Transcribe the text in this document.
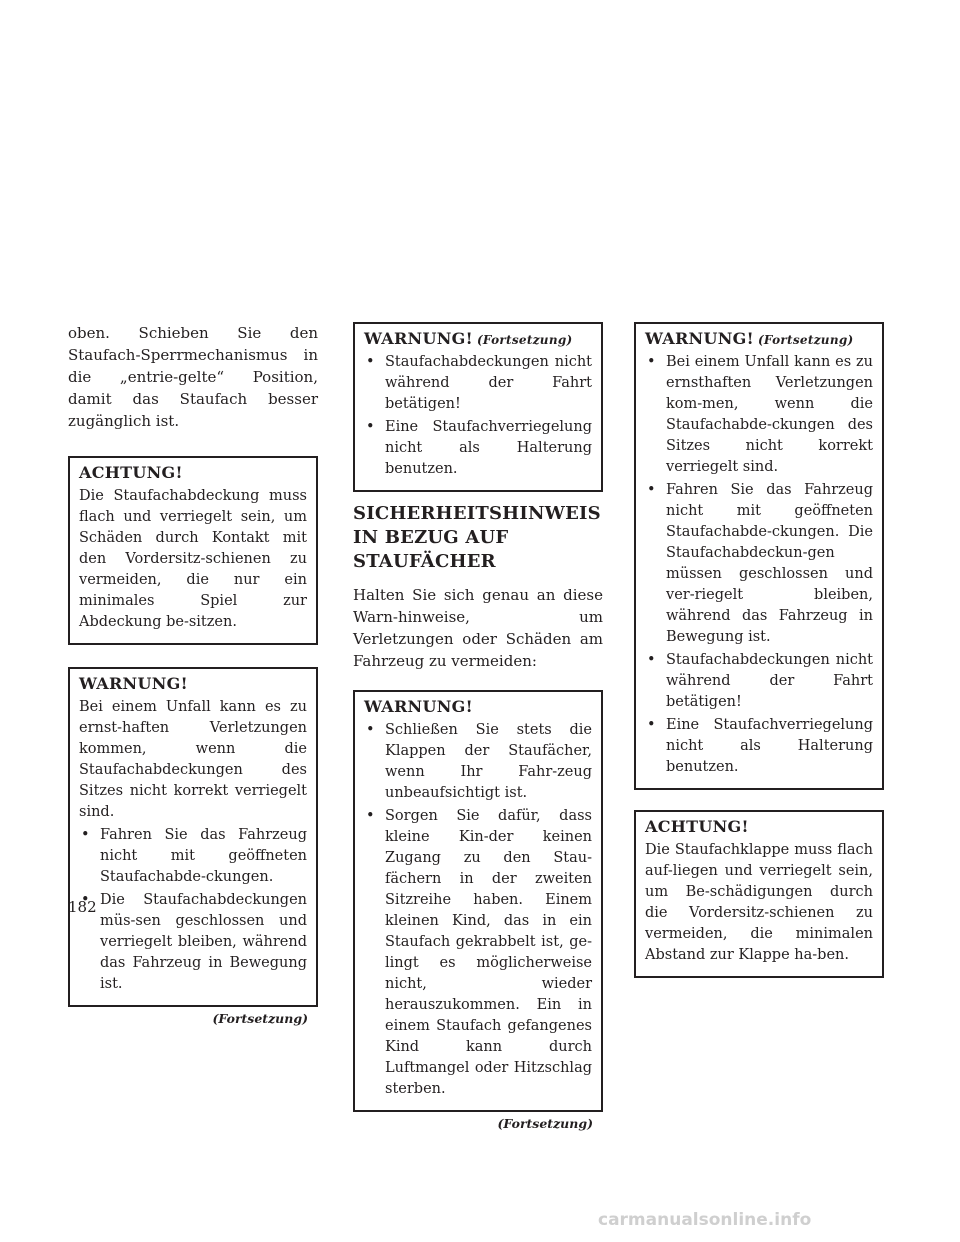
oben. Schieben Sie den Staufach-Sperrmechanismus in die „entrie-gelte“ Position, damit das Staufach besser zugänglich ist.

ACHTUNG!

Die Staufachabdeckung muss flach und verriegelt sein, um Schäden durch Kontakt mit den Vordersitz-schienen zu vermeiden, die nur ein minimales Spiel zur Abdeckung be-sitzen.

WARNUNG!

Bei einem Unfall kann es zu ernst-haften Verletzungen kommen, wenn die Staufachabdeckungen des Sitzes nicht korrekt verriegelt sind.

• Fahren Sie das Fahrzeug nicht mit geöffneten Staufachabde-ckungen.
• Die Staufachabdeckungen müs-sen geschlossen und verriegelt bleiben, während das Fahrzeug in Bewegung ist.
(Fortsetzung)
WARNUNG! (Fortsetzung)
• Staufachabdeckungen nicht während der Fahrt betätigen!
• Eine Staufachverriegelung nicht als Halterung benutzen.
SICHERHEITSHINWEIS IN BEZUG AUF STAUFÄCHER

Halten Sie sich genau an diese Warn-hinweise, um Verletzungen oder Schäden am Fahrzeug zu vermeiden:

WARNUNG!
• Schließen Sie stets die Klappen der Staufächer, wenn Ihr Fahr-zeug unbeaufsichtigt ist.
• Sorgen Sie dafür, dass kleine Kin-der keinen Zugang zu den Stau-fächern in der zweiten Sitzreihe haben. Einem kleinen Kind, das in ein Staufach gekrabbelt ist, ge-lingt es möglicherweise nicht, wieder herauszukommen. Ein in einem Staufach gefangenes Kind kann durch Luftmangel oder Hitzschlag sterben.
(Fortsetzung)
WARNUNG! (Fortsetzung)
• Bei einem Unfall kann es zu ernsthaften Verletzungen kom-men, wenn die Staufachabde-ckungen des Sitzes nicht korrekt verriegelt sind.
• Fahren Sie das Fahrzeug nicht mit geöffneten Staufachabde-ckungen. Die Staufachabdeckun-gen müssen geschlossen und ver-riegelt bleiben, während das Fahrzeug in Bewegung ist.
• Staufachabdeckungen nicht während der Fahrt betätigen!
• Eine Staufachverriegelung nicht als Halterung benutzen.
ACHTUNG!

Die Staufachklappe muss flach auf-liegen und verriegelt sein, um Be-schädigungen durch die Vordersitz-schienen zu vermeiden, die minimalen Abstand zur Klappe ha-ben.

182
carmanualsonline.info
